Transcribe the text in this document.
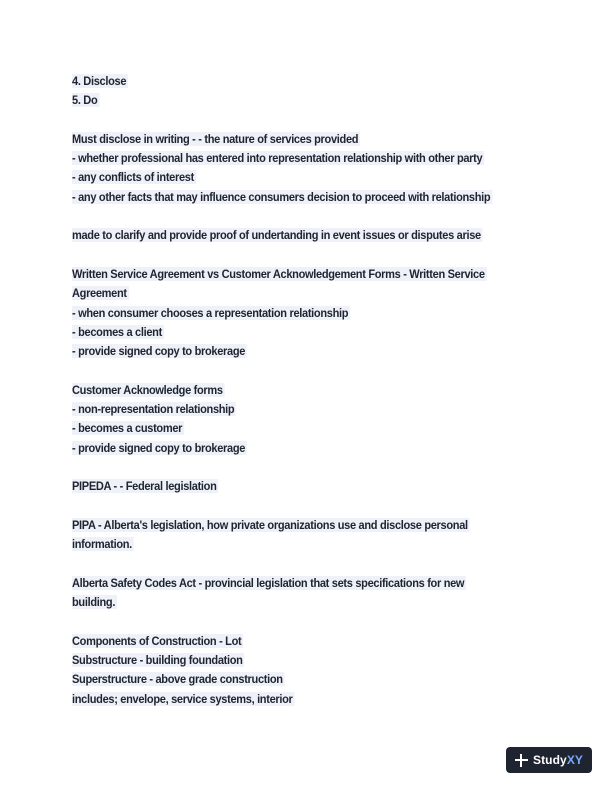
4. Disclose
5. Do
Must disclose in writing - - the nature of services provided
- whether professional has entered into representation relationship with other party
- any conflicts of interest
- any other facts that may influence consumers decision to proceed with relationship
made to clarify and provide proof of undertanding in event issues or disputes arise
Written Service Agreement vs Customer Acknowledgement Forms - Written Service
Agreement
- when consumer chooses a representation relationship
- becomes a client
- provide signed copy to brokerage
Customer Acknowledge forms
- non-representation relationship
- becomes a customer
- provide signed copy to brokerage
PIPEDA - - Federal legislation
PIPA - Alberta's legislation, how private organizations use and disclose personal
information.
Alberta Safety Codes Act - provincial legislation that sets specifications for new
building.
Components of Construction - Lot
Substructure - building foundation
Superstructure - above grade construction
includes; envelope, service systems, interior
StudyXY
